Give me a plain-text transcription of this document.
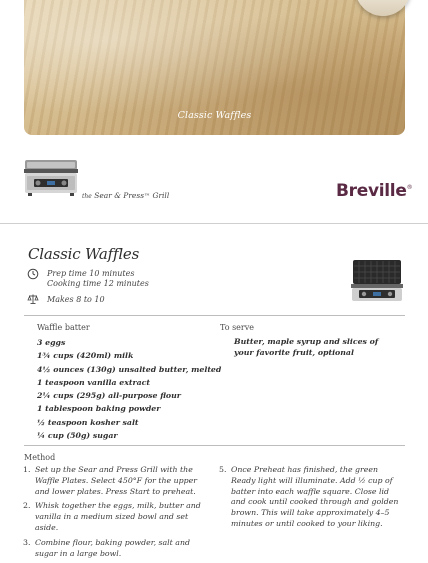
Classic Waffles
the Sear & Press™ Grill	Breville®
Classic Waffles
Prep time 10 minutes
Cooking time 12 minutes
Makes 8 to 10
Waffle batter
3 eggs
1¾ cups (420ml) milk
4½ ounces (130g) unsalted butter, melted
1 teaspoon vanilla extract
2¼ cups (295g) all-purpose flour
1 tablespoon baking powder
½ teaspoon kosher salt
¼ cup (50g) sugar
To serve
Butter, maple syrup and slices of your favorite fruit, optional
Method
1. Set up the Sear and Press Grill with the Waffle Plates. Select 450°F for the upper and lower plates. Press Start to preheat.
2. Whisk together the eggs, milk, butter and vanilla in a medium sized bowl and set aside.
3. Combine flour, baking powder, salt and sugar in a large bowl.
5. Once Preheat has finished, the green Ready light will illuminate. Add ½ cup of batter into each waffle square. Close lid and cook until cooked through and golden brown. This will take approximately 4–5 minutes or until cooked to your liking.
